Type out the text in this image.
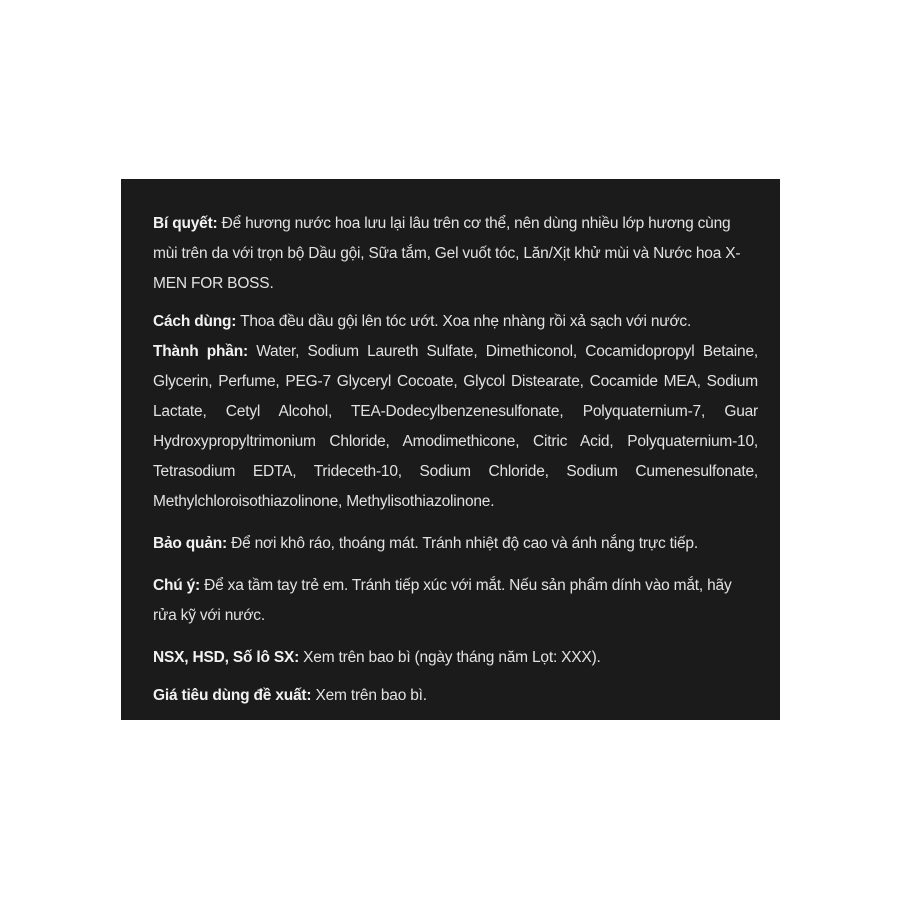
Bí quyết: Để hương nước hoa lưu lại lâu trên cơ thể, nên dùng nhiều lớp hương cùng mùi trên da với trọn bộ Dầu gội, Sữa tắm, Gel vuốt tóc, Lăn/Xịt khử mùi và Nước hoa X-MEN FOR BOSS.

Cách dùng: Thoa đều dầu gội lên tóc ướt. Xoa nhẹ nhàng rồi xả sạch với nước.

Thành phần: Water, Sodium Laureth Sulfate, Dimethiconol, Cocamidopropyl Betaine, Glycerin, Perfume, PEG-7 Glyceryl Cocoate, Glycol Distearate, Cocamide MEA, Sodium Lactate, Cetyl Alcohol, TEA-Dodecylbenzenesulfonate, Polyquaternium-7, Guar Hydroxypropyltrimonium Chloride, Amodimethicone, Citric Acid, Polyquaternium-10, Tetrasodium EDTA, Trideceth-10, Sodium Chloride, Sodium Cumenesulfonate, Methylchloroisothiazolinone, Methylisothiazolinone.

Bảo quản: Để nơi khô ráo, thoáng mát. Tránh nhiệt độ cao và ánh nắng trực tiếp.

Chú ý: Để xa tầm tay trẻ em. Tránh tiếp xúc với mắt. Nếu sản phẩm dính vào mắt, hãy rửa kỹ với nước.

NSX, HSD, Số lô SX: Xem trên bao bì (ngày tháng năm Lọt: XXX).

Giá tiêu dùng đề xuất: Xem trên bao bì.
